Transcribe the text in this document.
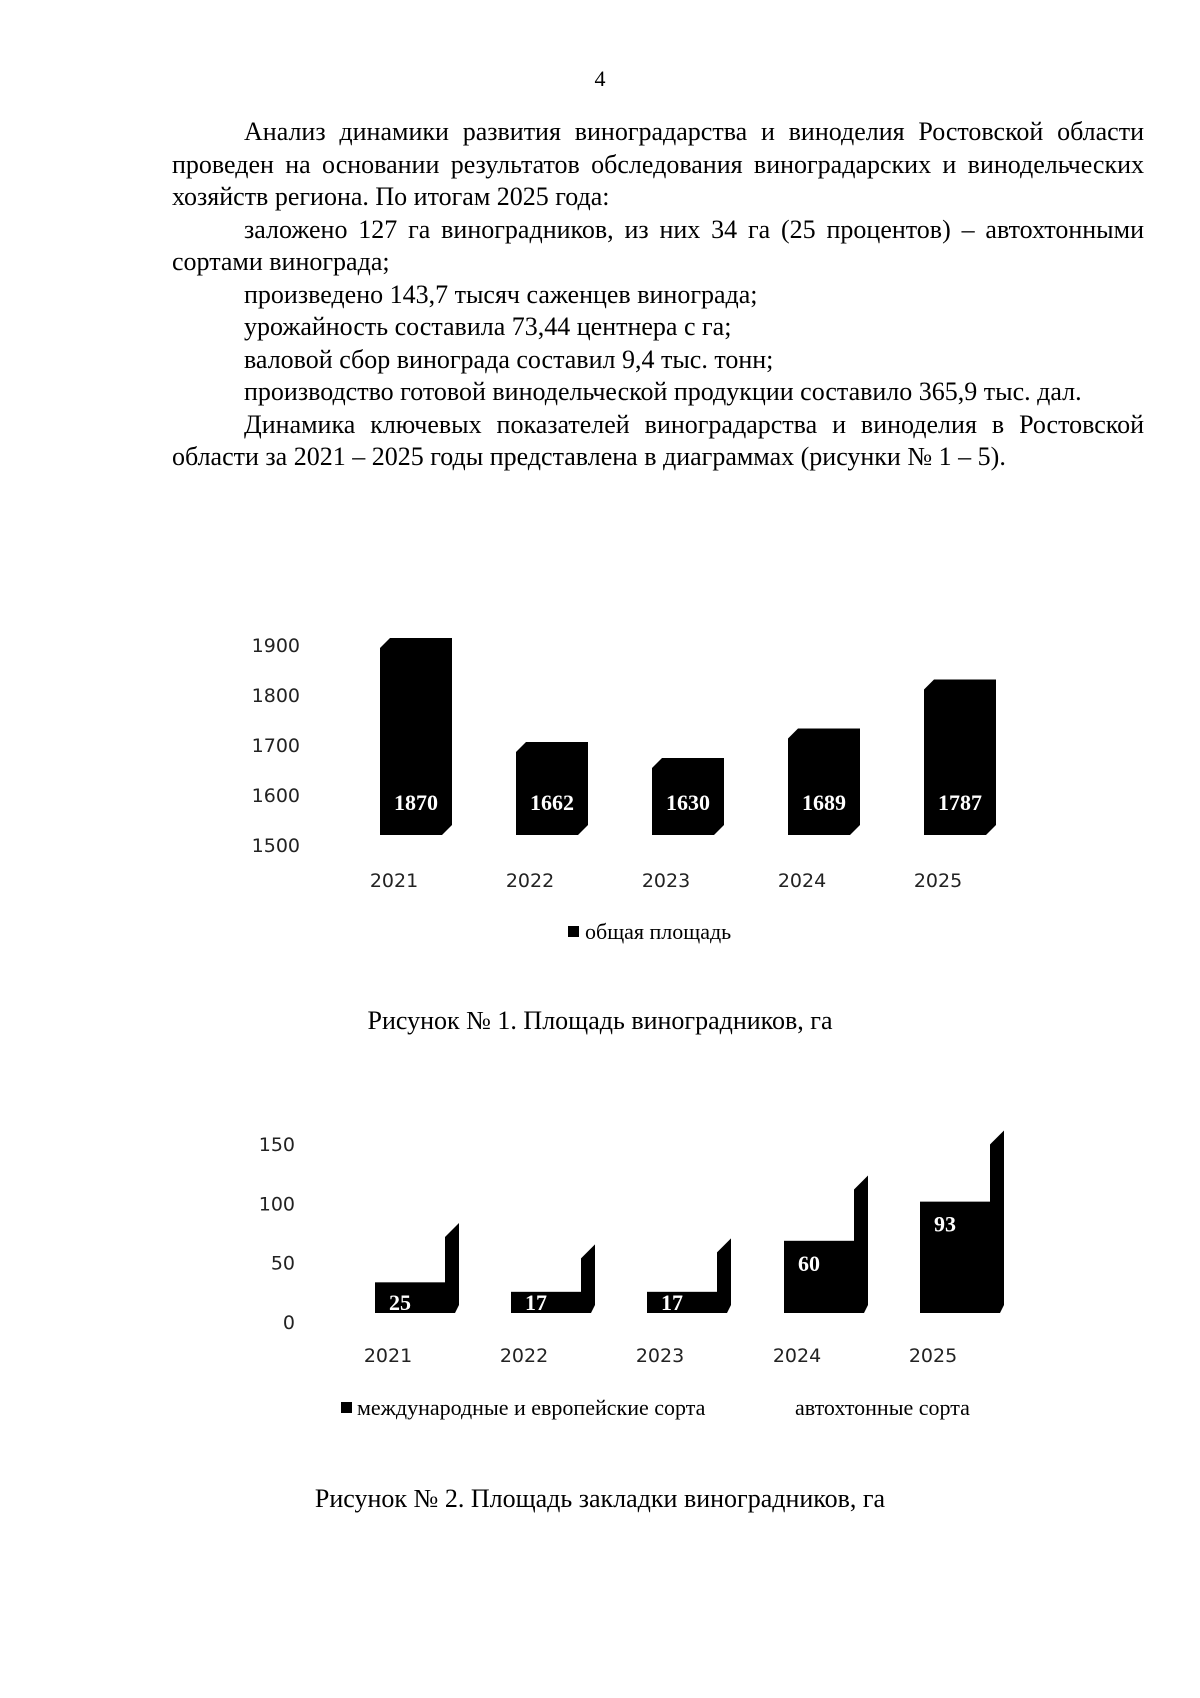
4

Анализ динамики развития виноградарства и виноделия Ростовской области проведен на основании результатов обследования виноградарских и винодельческих хозяйств региона. По итогам 2025 года:

заложено 127 га виноградников, из них 34 га (25 процентов) – автохтонными сортами винограда;

произведено 143,7 тысяч саженцев винограда;

урожайность составила 73,44 центнера с га;

валовой сбор винограда составил 9,4 тыс. тонн;

производство готовой винодельческой продукции составило 365,9 тыс. дал.

Динамика ключевых показателей виноградарства и виноделия в Ростовской области за 2021 – 2025 годы представлена в диаграммах (рисунки № 1 – 5).

1500
1600
1700
1800
1900
1870
2021
1662
2022
1630
2023
1689
2024
1787
2025
общая площадь
Рисунок № 1. Площадь виноградников, га
0
50
100
150
25
2021
17
2022
17
2023
60
2024
93
2025
международные и европейские сорта	автохтонные сорта
Рисунок № 2. Площадь закладки виноградников, га
